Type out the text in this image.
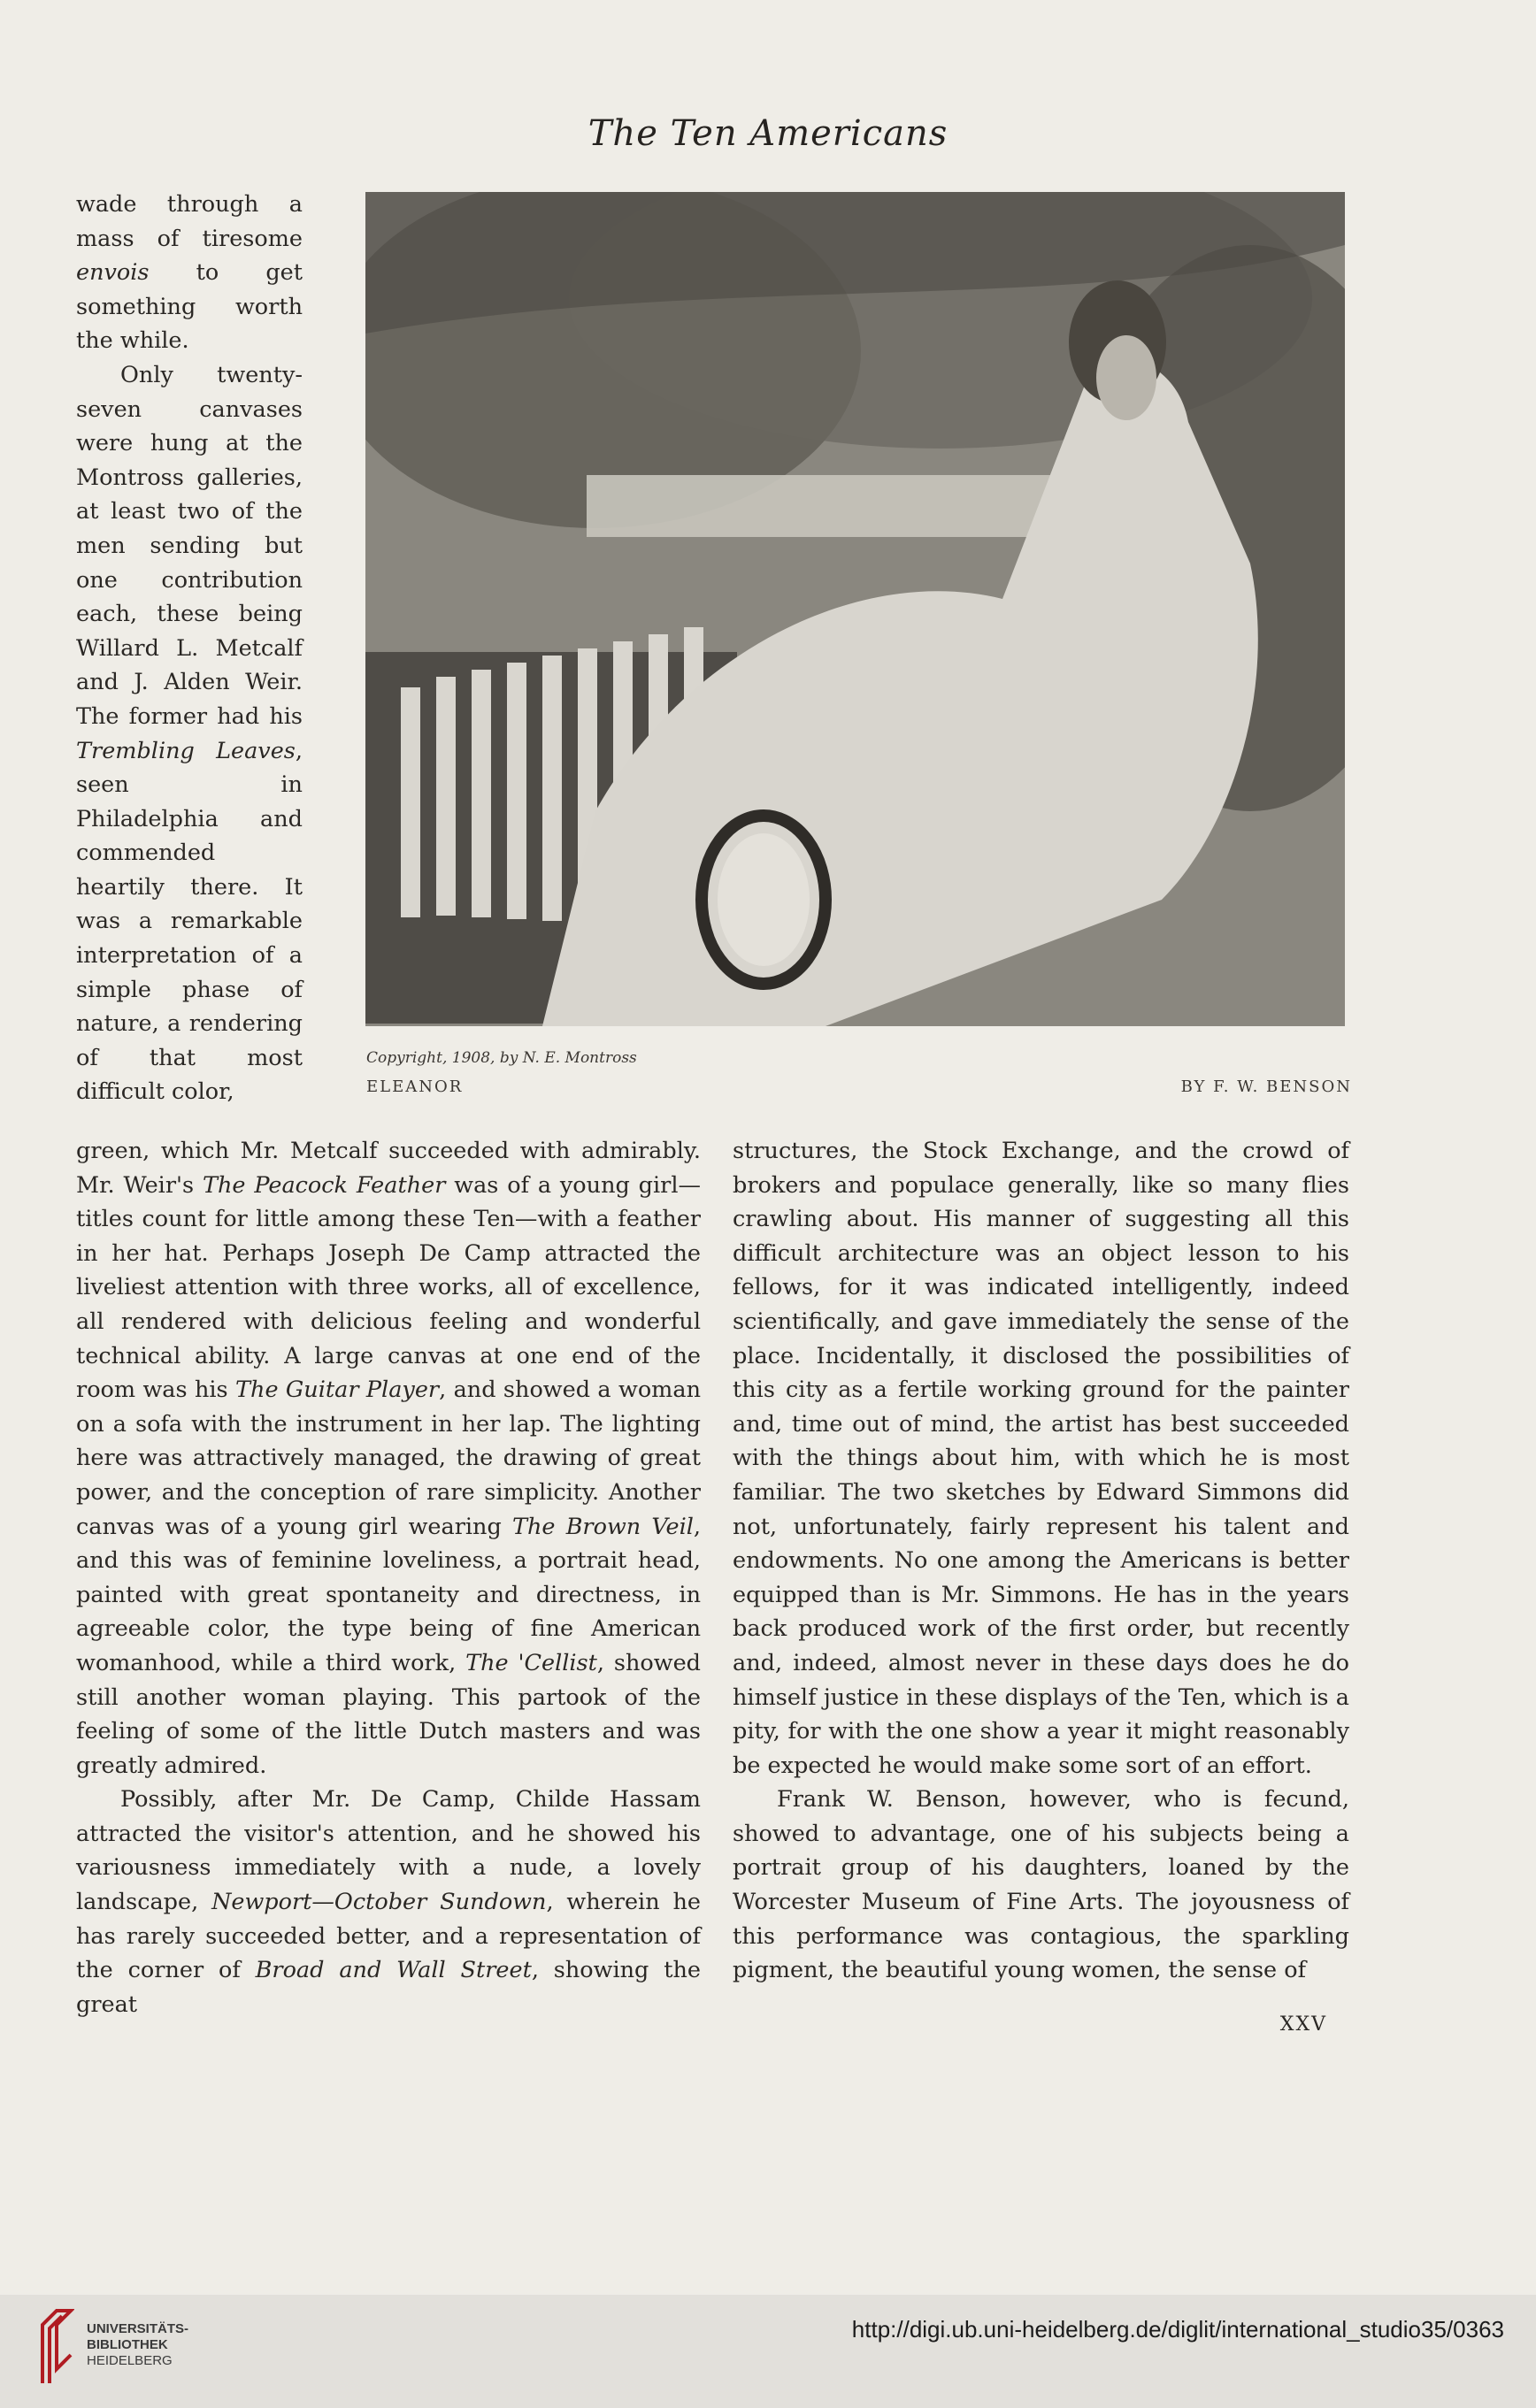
The Ten Americans

wade through a mass of tiresome envois to get something worth the while.

Only twenty-seven canvases were hung at the Montross galleries, at least two of the men sending but one contribution each, these being Willard L. Metcalf and J. Alden Weir. The former had his Trembling Leaves, seen in Philadelphia and commended heartily there. It was a remarkable interpretation of a simple phase of nature, a rendering of that most difficult color,

Copyright, 1908, by N. E. Montross
ELEANOR	BY F. W. BENSON

green, which Mr. Metcalf succeeded with admirably. Mr. Weir's The Peacock Feather was of a young girl—titles count for little among these Ten—with a feather in her hat. Perhaps Joseph De Camp attracted the liveliest attention with three works, all of excellence, all rendered with delicious feeling and wonderful technical ability. A large canvas at one end of the room was his The Guitar Player, and showed a woman on a sofa with the instrument in her lap. The lighting here was attractively managed, the drawing of great power, and the conception of rare simplicity. Another canvas was of a young girl wearing The Brown Veil, and this was of feminine loveliness, a portrait head, painted with great spontaneity and directness, in agreeable color, the type being of fine American womanhood, while a third work, The 'Cellist, showed still another woman playing. This partook of the feeling of some of the little Dutch masters and was greatly admired.

Possibly, after Mr. De Camp, Childe Hassam attracted the visitor's attention, and he showed his variousness immediately with a nude, a lovely landscape, Newport—October Sundown, wherein he has rarely succeeded better, and a representation of the corner of Broad and Wall Street, showing the great

structures, the Stock Exchange, and the crowd of brokers and populace generally, like so many flies crawling about. His manner of suggesting all this difficult architecture was an object lesson to his fellows, for it was indicated intelligently, indeed scientifically, and gave immediately the sense of the place. Incidentally, it disclosed the possibilities of this city as a fertile working ground for the painter and, time out of mind, the artist has best succeeded with the things about him, with which he is most familiar. The two sketches by Edward Simmons did not, unfortunately, fairly represent his talent and endowments. No one among the Americans is better equipped than is Mr. Simmons. He has in the years back produced work of the first order, but recently and, indeed, almost never in these days does he do himself justice in these displays of the Ten, which is a pity, for with the one show a year it might reasonably be expected he would make some sort of an effort.

Frank W. Benson, however, who is fecund, showed to advantage, one of his subjects being a portrait group of his daughters, loaned by the Worcester Museum of Fine Arts. The joyousness of this performance was contagious, the sparkling pigment, the beautiful young women, the sense of

XXV
UNIVERSITÄTS-
BIBLIOTHEK
HEIDELBERG
http://digi.ub.uni-heidelberg.de/diglit/international_studio35/0363
